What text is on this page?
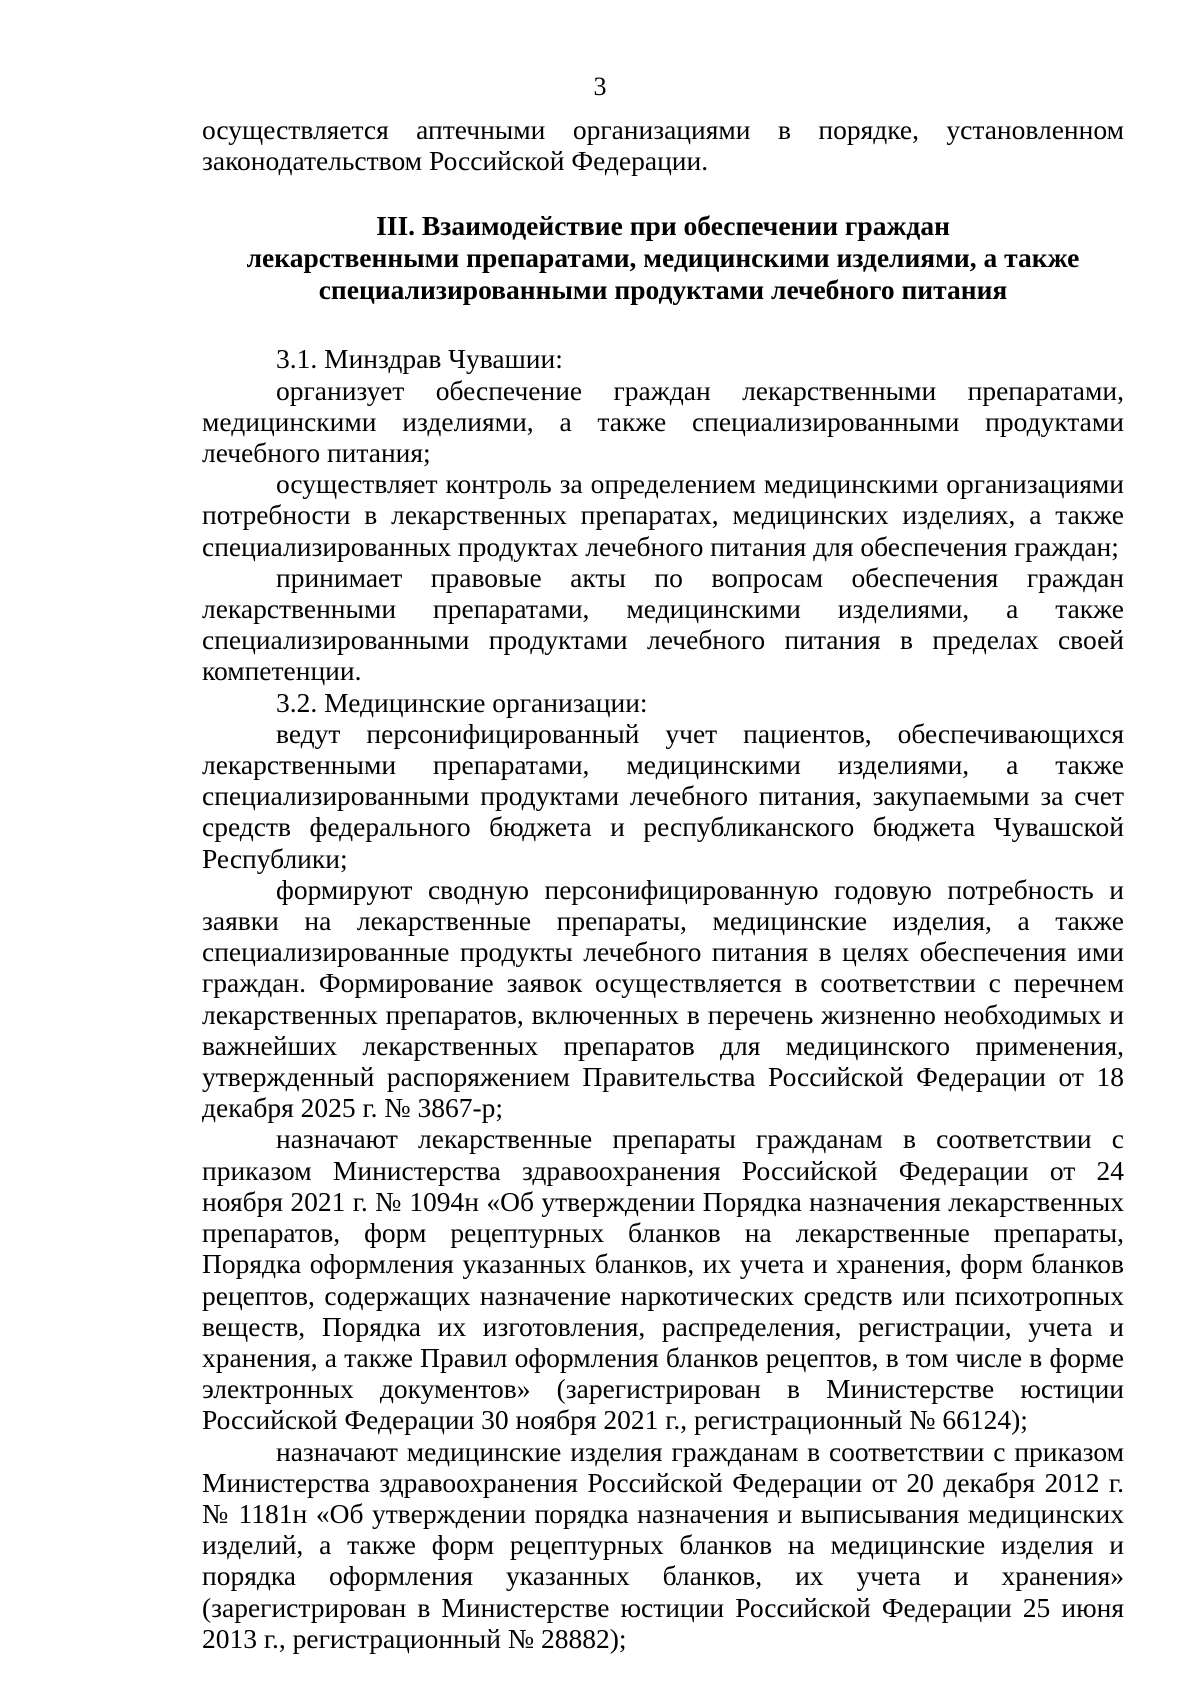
3

осуществляется аптечными организациями в порядке, установленном законодательством Российской Федерации.

III. Взаимодействие при обеспечении граждан
лекарственными препаратами, медицинскими изделиями, а также
специализированными продуктами лечебного питания

3.1. Минздрав Чувашии:

организует обеспечение граждан лекарственными препаратами, медицинскими изделиями, а также специализированными продуктами лечебного питания;

осуществляет контроль за определением медицинскими организациями потребности в лекарственных препаратах, медицинских изделиях, а также специализированных продуктах лечебного питания для обеспечения граждан;

принимает правовые акты по вопросам обеспечения граждан лекарственными препаратами, медицинскими изделиями, а также специализированными продуктами лечебного питания в пределах своей компетенции.

3.2. Медицинские организации:

ведут персонифицированный учет пациентов, обеспечивающихся лекарственными препаратами, медицинскими изделиями, а также специализированными продуктами лечебного питания, закупаемыми за счет средств федерального бюджета и республиканского бюджета Чувашской Республики;

формируют сводную персонифицированную годовую потребность и заявки на лекарственные препараты, медицинские изделия, а также специализированные продукты лечебного питания в целях обеспечения ими граждан. Формирование заявок осуществляется в соответствии с перечнем лекарственных препаратов, включенных в перечень жизненно необходимых и важнейших лекарственных препаратов для медицинского применения, утвержденный распоряжением Правительства Российской Федерации от 18 декабря 2025 г. № 3867-р;

назначают лекарственные препараты гражданам в соответствии с приказом Министерства здравоохранения Российской Федерации от 24 ноября 2021 г. № 1094н «Об утверждении Порядка назначения лекарственных препаратов, форм рецептурных бланков на лекарственные препараты, Порядка оформления указанных бланков, их учета и хранения, форм бланков рецептов, содержащих назначение наркотических средств или психотропных веществ, Порядка их изготовления, распределения, регистрации, учета и хранения, а также Правил оформления бланков рецептов, в том числе в форме электронных документов» (зарегистрирован в Министерстве юстиции Российской Федерации 30 ноября 2021 г., регистрационный № 66124);

назначают медицинские изделия гражданам в соответствии с приказом Министерства здравоохранения Российской Федерации от 20 декабря 2012 г. № 1181н «Об утверждении порядка назначения и выписывания медицинских изделий, а также форм рецептурных бланков на медицинские изделия и порядка оформления указанных бланков, их учета и хранения» (зарегистрирован в Министерстве юстиции Российской Федерации 25 июня 2013 г., регистрационный № 28882);
